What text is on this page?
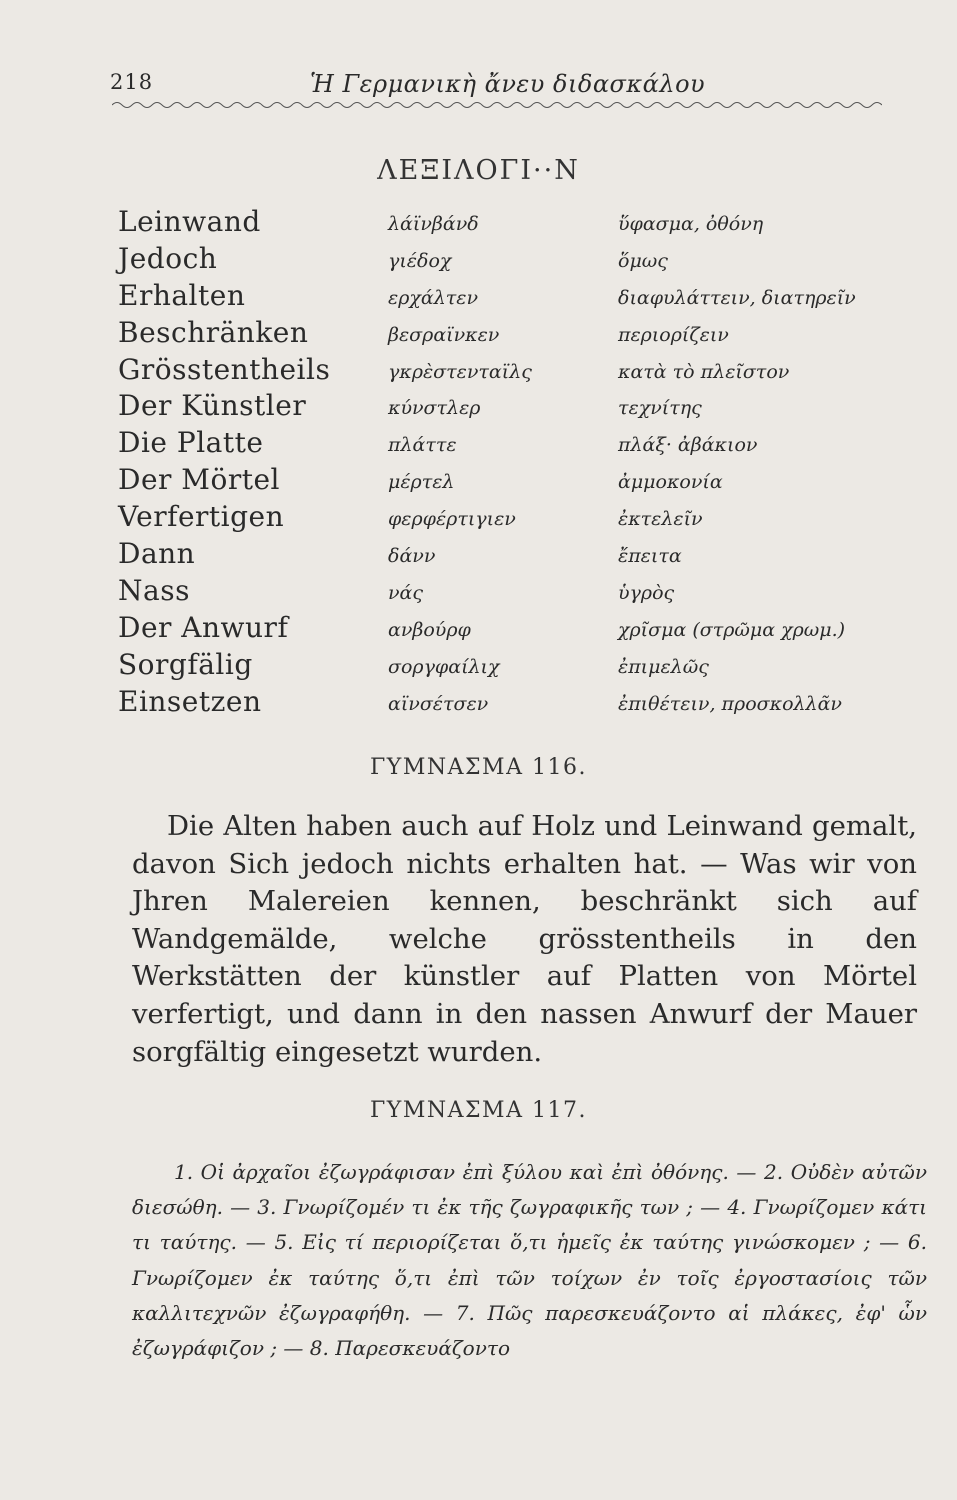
218	Ἡ Γερμανικὴ ἄνευ διδασκάλου
ΛΕΞΙΛΟΓΙ··Ν
Leinwand	λάϊνβάνδ	ὕφασμα, ὀθόνη
Jedoch	γιέδοχ	ὅμως
Erhalten	ερχάλτεν	διαφυλάττειν, διατηρεῖν
Beschränken	βεσραϊνκεν	περιορίζειν
Grösstentheils	γκρὲστενταϊλς	κατὰ τὸ πλεῖστον
Der Künstler	κύνστλερ	τεχνίτης
Die Platte	πλάττε	πλάξ· ἀβάκιον
Der Mörtel	μέρτελ	ἀμμοκονία
Verfertigen	φερφέρτιγιεν	ἐκτελεῖν
Dann	δάνν	ἔπειτα
Nass	νάς	ὑγρὸς
Der Anwurf	ανβούρφ	χρῖσμα (στρῶμα χρωμ.)
Sorgfälig	σοργφαίλιχ	ἐπιμελῶς
Einsetzen	αϊνσέτσεν	ἐπιθέτειν, προσκολλᾶν
ΓΥΜΝΑΣΜΑ 116.

Die Alten haben auch auf Holz und Leinwand gemalt, davon Sich jedoch nichts erhalten hat. — Was wir von Jhren Malereien kennen, beschränkt sich auf Wandgemälde, welche grösstentheils in den Werkstätten der künstler auf Platten von Mörtel verfertigt, und dann in den nassen Anwurf der Mauer sorgfältig eingesetzt wurden.

ΓΥΜΝΑΣΜΑ 117.

1. Οἱ ἀρχαῖοι ἐζωγράφισαν ἐπὶ ξύλου καὶ ἐπὶ ὀθόνης. — 2. Οὐδὲν αὐτῶν διεσώθη. — 3. Γνωρίζομέν τι ἐκ τῆς ζωγραφικῆς των ; — 4. Γνωρίζομεν κάτι τι ταύτης. — 5. Εἰς τί περιορίζεται ὅ,τι ἡμεῖς ἐκ ταύτης γινώσκομεν ; — 6. Γνωρίζομεν ἐκ ταύτης ὅ,τι ἐπὶ τῶν τοίχων ἐν τοῖς ἐργοστασίοις τῶν καλλιτεχνῶν ἐζωγραφήθη. — 7. Πῶς παρεσκευάζοντο αἱ πλάκες, ἐφ' ὧν ἐζωγράφιζον ; — 8. Παρεσκευάζοντο
